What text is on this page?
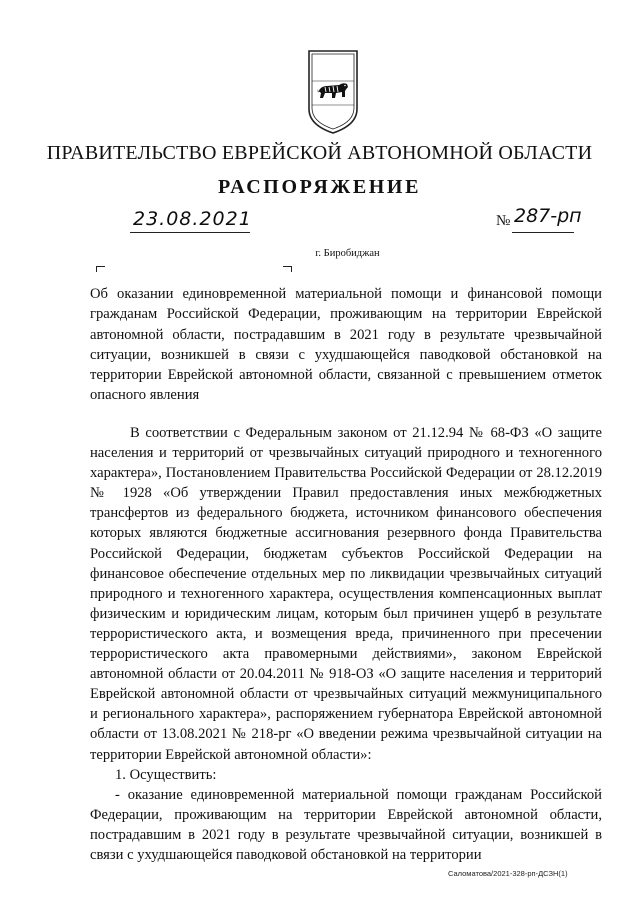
ПРАВИТЕЛЬСТВО ЕВРЕЙСКОЙ АВТОНОМНОЙ ОБЛАСТИ
РАСПОРЯЖЕНИЕ
23.08.2021	№ 287-рп
г. Биробиджан

Об оказании единовременной материальной помощи и финансовой помощи гражданам Российской Федерации, проживающим на территории Еврейской автономной области, пострадавшим в 2021 году в результате чрезвычайной ситуации, возникшей в связи с ухудшающейся паводковой обстановкой на территории Еврейской автономной области, связанной с превышением отметок опасного явления

В соответствии с Федеральным законом от 21.12.94 № 68-ФЗ «О защите населения и территорий от чрезвычайных ситуаций природного и техногенного характера», Постановлением Правительства Российской Федерации от 28.12.2019 № 1928 «Об утверждении Правил предоставления иных межбюджетных трансфертов из федерального бюджета, источником финансового обеспечения которых являются бюджетные ассигнования резервного фонда Правительства Российской Федерации, бюджетам субъектов Российской Федерации на финансовое обеспечение отдельных мер по ликвидации чрезвычайных ситуаций природного и техногенного характера, осуществления компенсационных выплат физическим и юридическим лицам, которым был причинен ущерб в результате террористического акта, и возмещения вреда, причиненного при пресечении террористического акта правомерными действиями», законом Еврейской автономной области от 20.04.2011 № 918-ОЗ «О защите населения и территорий Еврейской автономной области от чрезвычайных ситуаций межмуниципального и регионального характера», распоряжением губернатора Еврейской автономной области от 13.08.2021 № 218-рг «О введении режима чрезвычайной ситуации на территории Еврейской автономной области»:

1. Осуществить:

- оказание единовременной материальной помощи гражданам Российской Федерации, проживающим на территории Еврейской автономной области, пострадавшим в 2021 году в результате чрезвычайной ситуации, возникшей в связи с ухудшающейся паводковой обстановкой на территории

Саломатова/2021-328-рп-ДСЗН(1)
